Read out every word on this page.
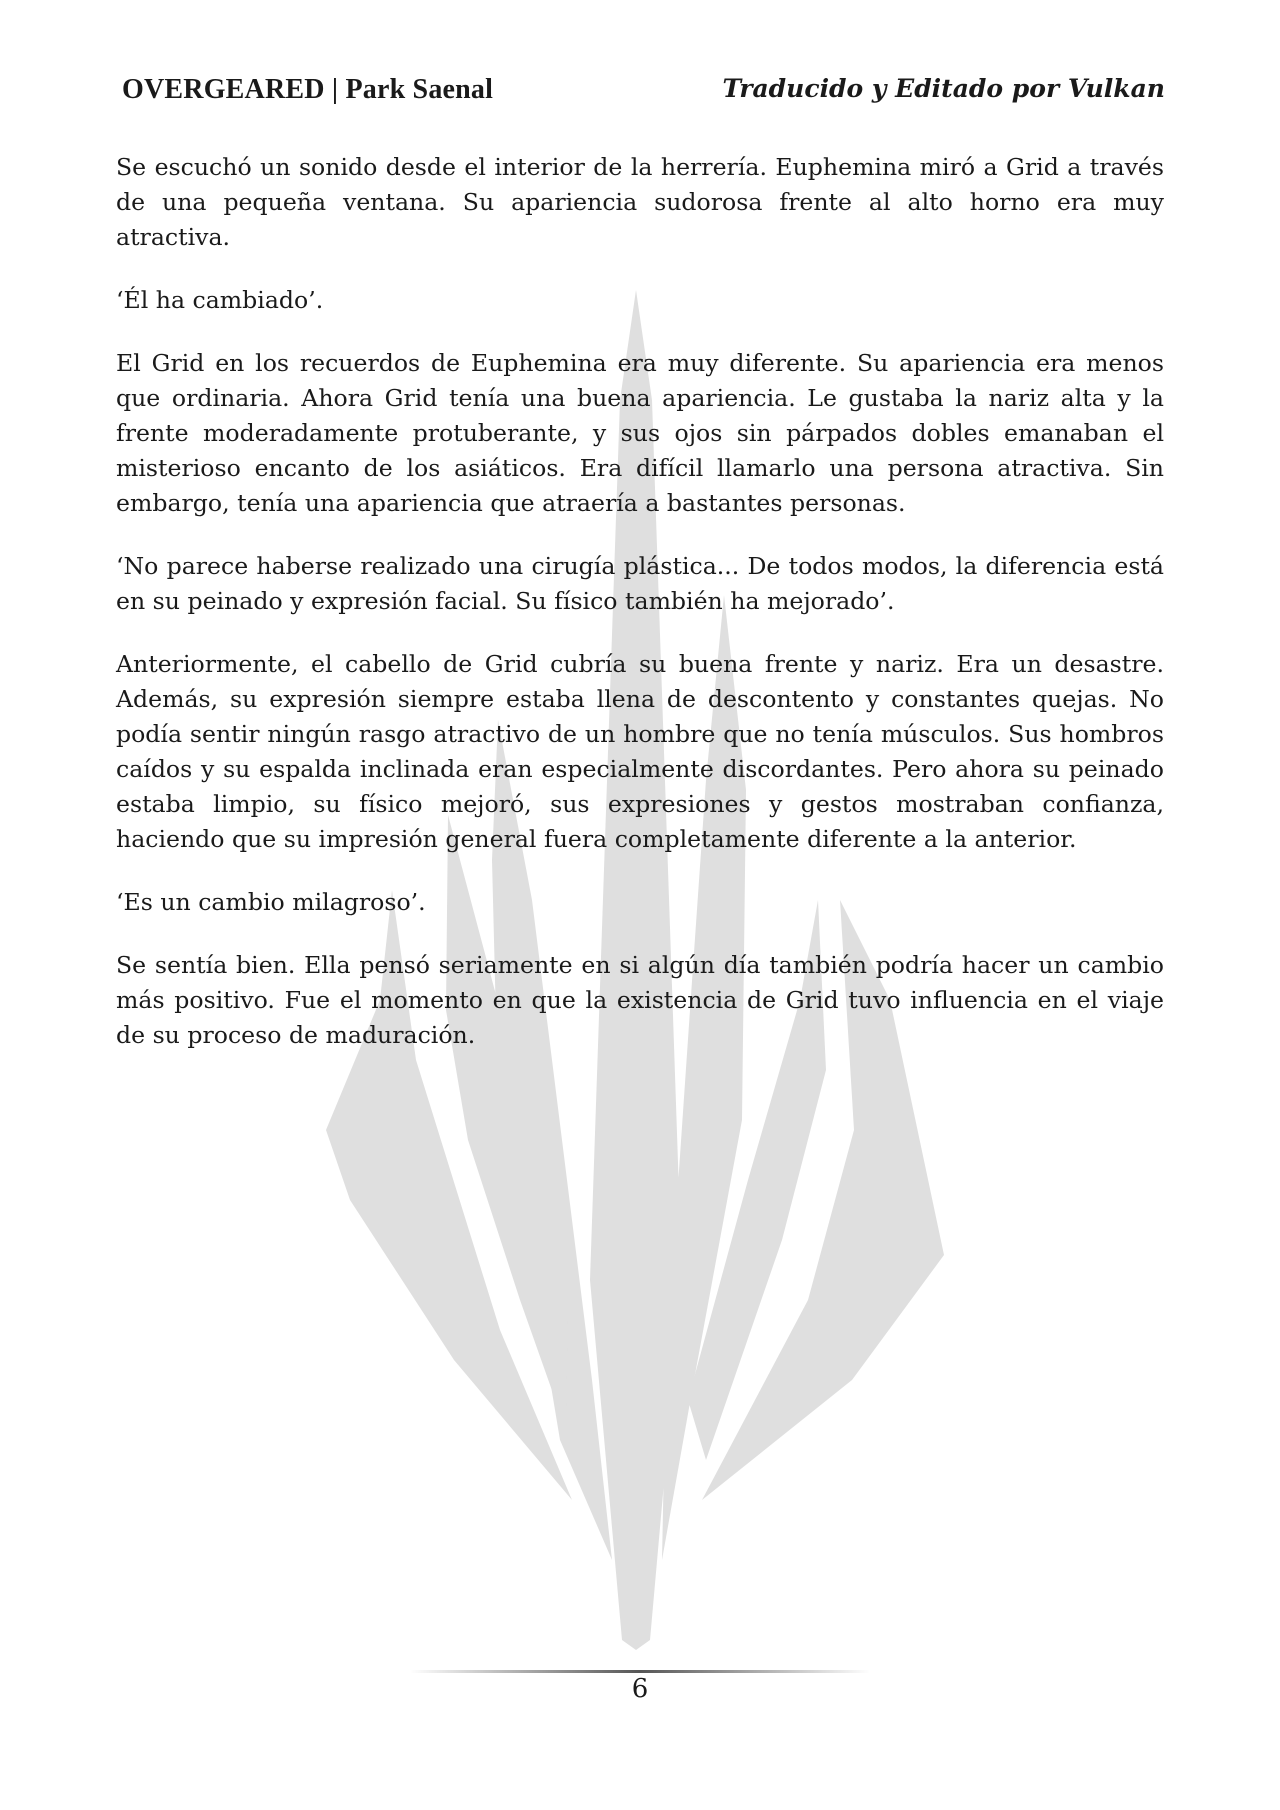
OVERGEARED | Park Saenal	Traducido y Editado por Vulkan

Se escuchó un sonido desde el interior de la herrería. Euphemina miró a Grid a través de una pequeña ventana. Su apariencia sudorosa frente al alto horno era muy atractiva.

‘Él ha cambiado’.

El Grid en los recuerdos de Euphemina era muy diferente. Su apariencia era menos que ordinaria. Ahora Grid tenía una buena apariencia. Le gustaba la nariz alta y la frente moderadamente protuberante, y sus ojos sin párpados dobles emanaban el misterioso encanto de los asiáticos. Era difícil llamarlo una persona atractiva. Sin embargo, tenía una apariencia que atraería a bastantes personas.

‘No parece haberse realizado una cirugía plástica... De todos modos, la diferencia está en su peinado y expresión facial. Su físico también ha mejorado’.

Anteriormente, el cabello de Grid cubría su buena frente y nariz. Era un desastre. Además, su expresión siempre estaba llena de descontento y constantes quejas. No podía sentir ningún rasgo atractivo de un hombre que no tenía músculos. Sus hombros caídos y su espalda inclinada eran especialmente discordantes. Pero ahora su peinado estaba limpio, su físico mejoró, sus expresiones y gestos mostraban confianza, haciendo que su impresión general fuera completamente diferente a la anterior.

‘Es un cambio milagroso’.

Se sentía bien. Ella pensó seriamente en si algún día también podría hacer un cambio más positivo. Fue el momento en que la existencia de Grid tuvo influencia en el viaje de su proceso de maduración.

6
